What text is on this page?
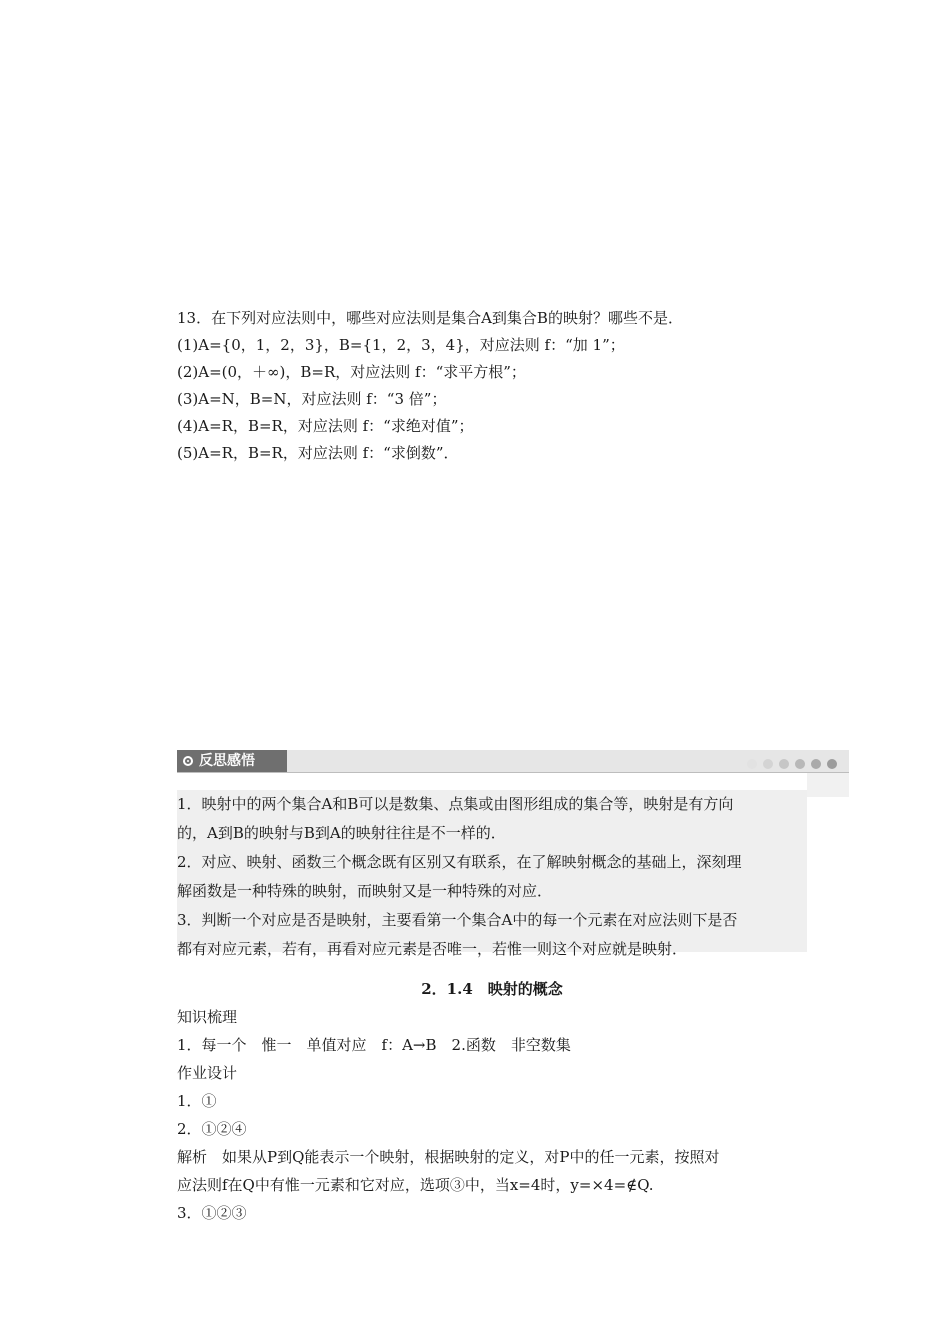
13．在下列对应法则中，哪些对应法则是集合A到集合B的映射？哪些不是．
(1)A={0，1，2，3}，B={1，2，3，4}，对应法则 f：“加 1”；
(2)A=(0，＋∞)，B=R，对应法则 f：“求平方根”；
(3)A=N，B=N，对应法则 f：“3 倍”；
(4)A=R，B=R，对应法则 f：“求绝对值”；
(5)A=R，B=R，对应法则 f：“求倒数”．
反思感悟
1．映射中的两个集合A和B可以是数集、点集或由图形组成的集合等，映射是有方向
的，A到B的映射与B到A的映射往往是不一样的．
2．对应、映射、函数三个概念既有区别又有联系，在了解映射概念的基础上，深刻理
解函数是一种特殊的映射，而映射又是一种特殊的对应．
3．判断一个对应是否是映射，主要看第一个集合A中的每一个元素在对应法则下是否
都有对应元素，若有，再看对应元素是否唯一，若惟一则这个对应就是映射．
2．1.4　映射的概念
知识梳理
1．每一个　惟一　单值对应　f：A→B　2.函数　非空数集
作业设计
1．①
2．①②④
解析　如果从P到Q能表示一个映射，根据映射的定义，对P中的任一元素，按照对
应法则f在Q中有惟一元素和它对应，选项③中，当x=4时，y=×4=∉Q.
3．①②③
